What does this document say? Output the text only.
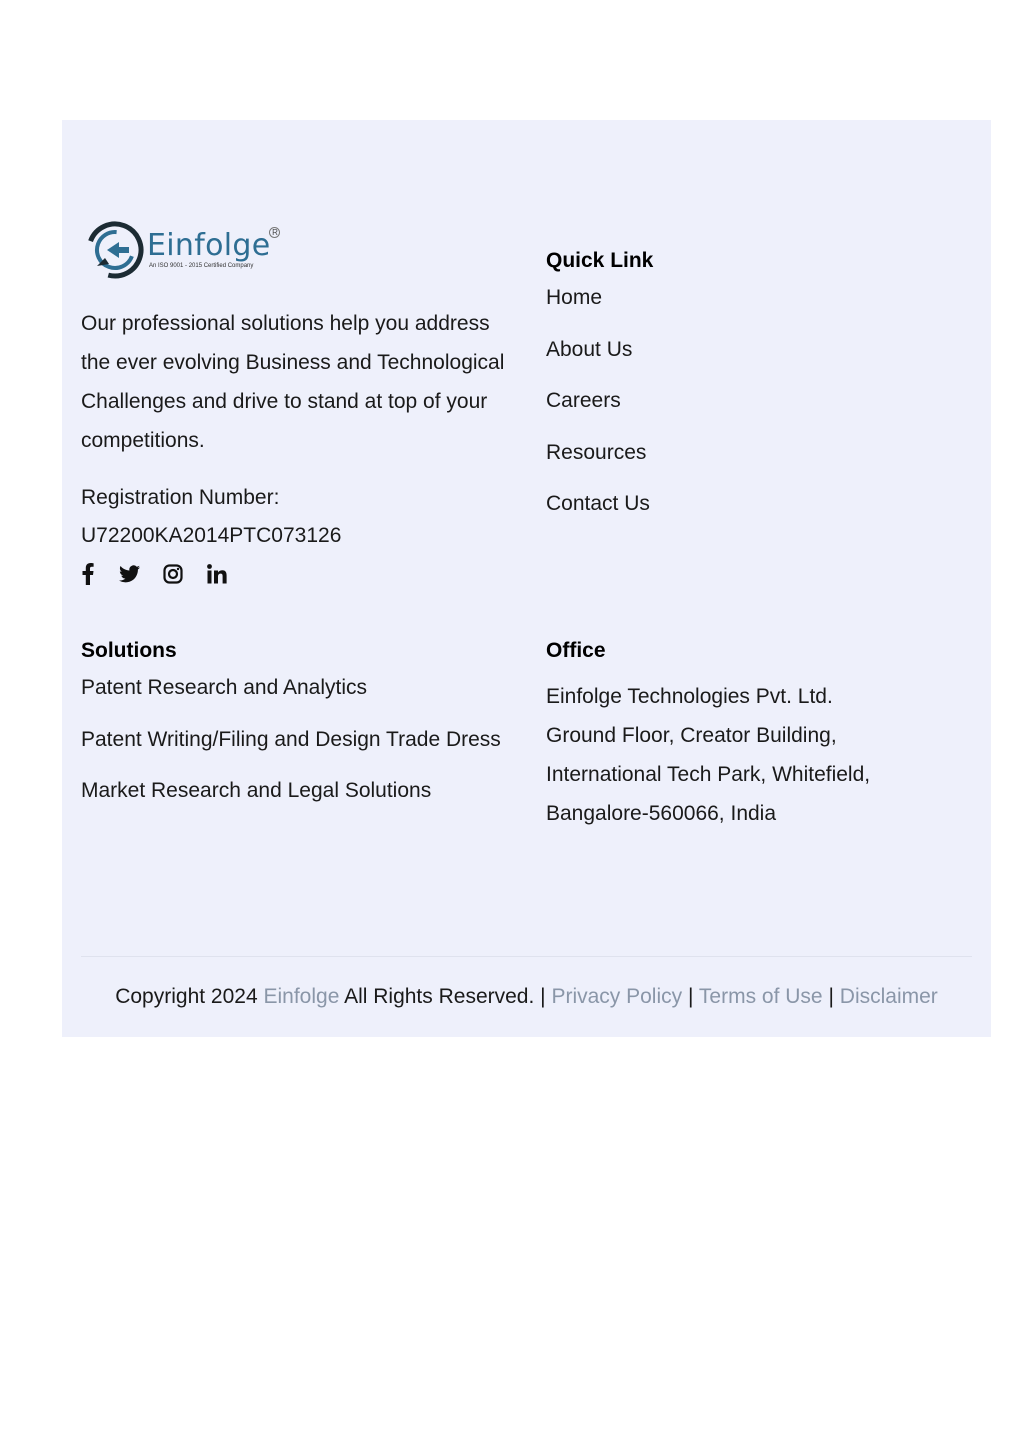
Einfolge R
An ISO 9001 - 2015 Certified Company

Our professional solutions help you address the ever evolving Business and Technological Challenges and drive to stand at top of your competitions.

Registration Number:
U72200KA2014PTC073126

Quick Link
Home
About Us
Careers
Resources
Contact Us
Solutions
Patent Research and Analytics
Patent Writing/Filing and Design Trade Dress
Market Research and Legal Solutions
Office

Einfolge Technologies Pvt. Ltd.
Ground Floor, Creator Building,
International Tech Park, Whitefield,
Bangalore-560066, India

Copyright 2024 Einfolge All Rights Reserved. | Privacy Policy | Terms of Use | Disclaimer
